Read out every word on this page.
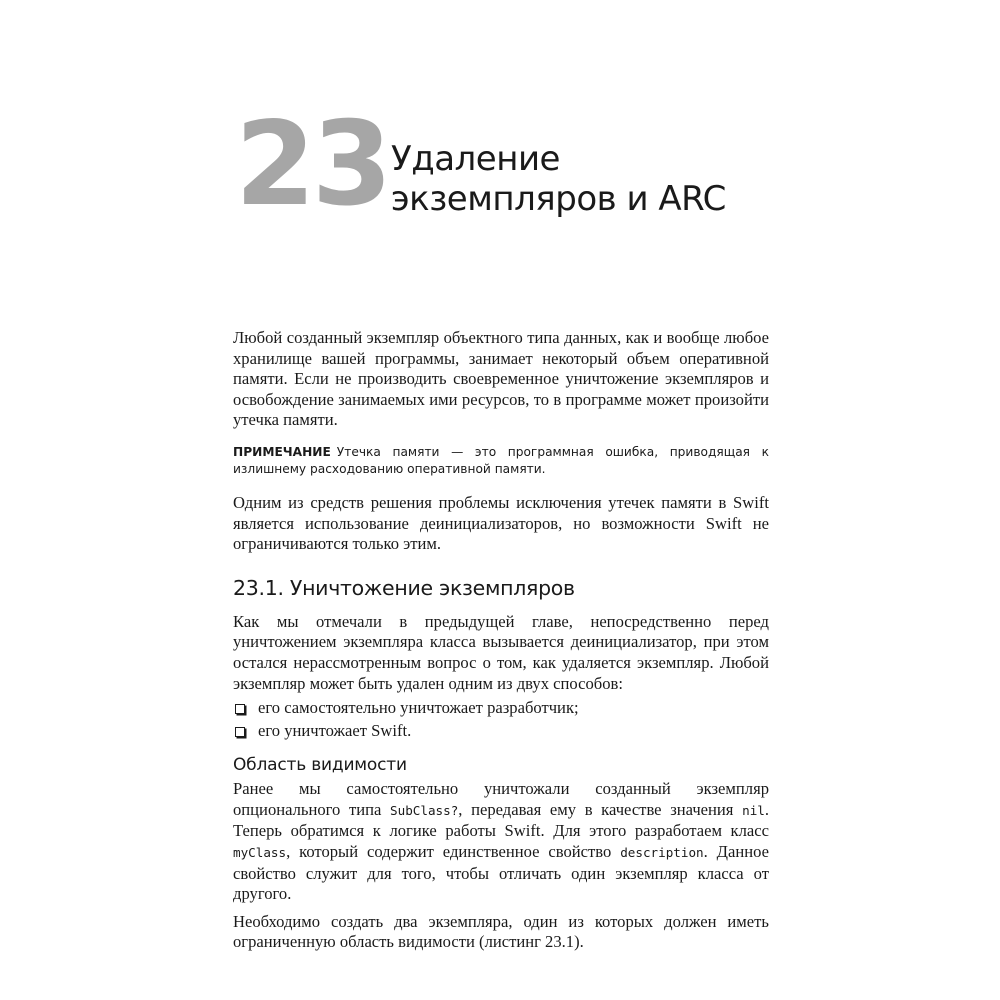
23 Удаление
экземпляров и ARC

Любой созданный экземпляр объектного типа данных, как и вообще любое хранилище вашей программы, занимает некоторый объем оперативной памяти. Если не производить своевременное уничтожение экземпляров и освобождение занимаемых ими ресурсов, то в программе может произойти утечка памяти.

ПРИМЕЧАНИЕ Утечка памяти — это программная ошибка, приводящая к излишнему расходованию оперативной памяти.

Одним из средств решения проблемы исключения утечек памяти в Swift является использование деинициализаторов, но возможности Swift не ограничиваются только этим.

23.1. Уничтожение экземпляров

Как мы отмечали в предыдущей главе, непосредственно перед уничтожением экземпляра класса вызывается деинициализатор, при этом остался нерассмотренным вопрос о том, как удаляется экземпляр. Любой экземпляр может быть удален одним из двух способов:

его самостоятельно уничтожает разработчик;
его уничтожает Swift.
Область видимости

Ранее мы самостоятельно уничтожали созданный экземпляр опционального типа SubClass?, передавая ему в качестве значения nil. Теперь обратимся к логике работы Swift. Для этого разработаем класс myClass, который содержит единственное свойство description. Данное свойство служит для того, чтобы отличать один экземпляр класса от другого.

Необходимо создать два экземпляра, один из которых должен иметь ограниченную область видимости (листинг 23.1).
